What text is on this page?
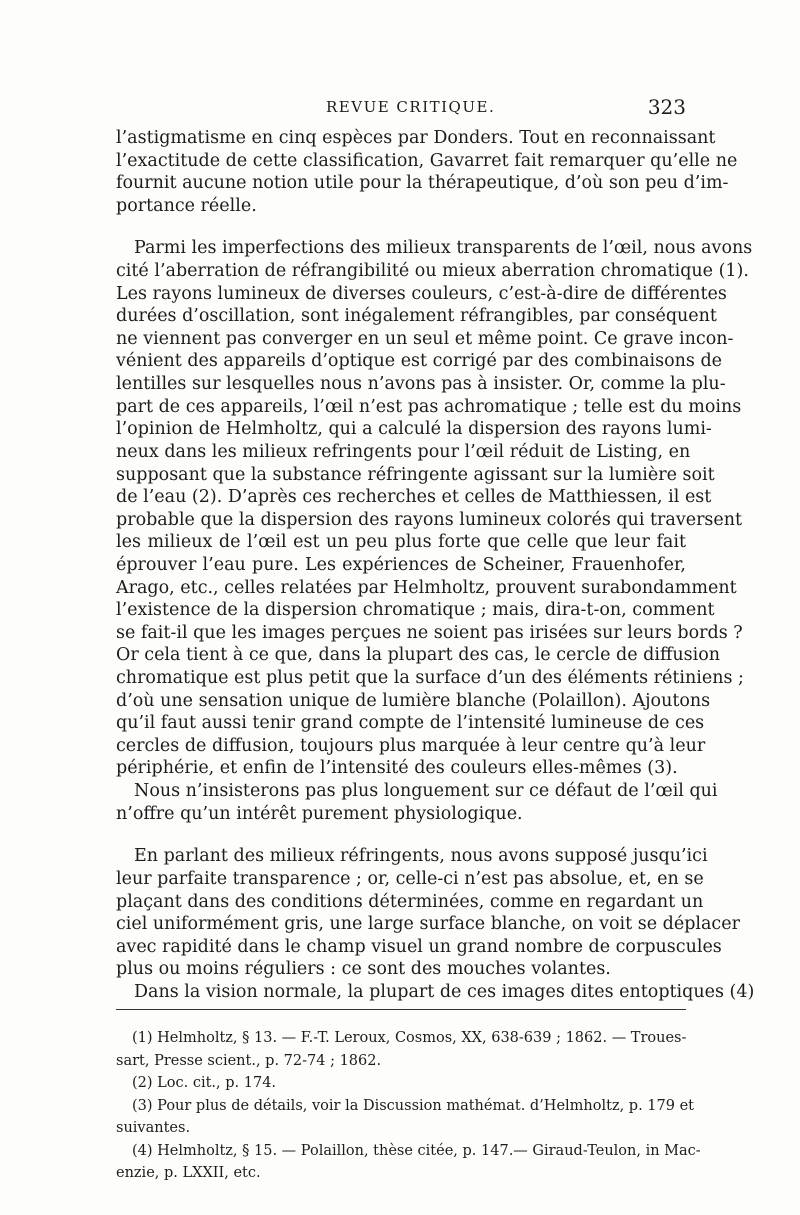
REVUE CRITIQUE.	323
l’astigmatisme en cinq espèces par Donders. Tout en reconnaissant
l’exactitude de cette classification, Gavarret fait remarquer qu’elle ne
fournit aucune notion utile pour la thérapeutique, d’où son peu d’im-
portance réelle.
Parmi les imperfections des milieux transparents de l’œil, nous avons
cité l’aberration de réfrangibilité ou mieux aberration chromatique (1).
Les rayons lumineux de diverses couleurs, c’est-à-dire de différentes
durées d’oscillation, sont inégalement réfrangibles, par conséquent
ne viennent pas converger en un seul et même point. Ce grave incon-
vénient des appareils d’optique est corrigé par des combinaisons de
lentilles sur lesquelles nous n’avons pas à insister. Or, comme la plu-
part de ces appareils, l’œil n’est pas achromatique ; telle est du moins
l’opinion de Helmholtz, qui a calculé la dispersion des rayons lumi-
neux dans les milieux refringents pour l’œil réduit de Listing, en
supposant que la substance réfringente agissant sur la lumière soit
de l’eau (2). D’après ces recherches et celles de Matthiessen, il est
probable que la dispersion des rayons lumineux colorés qui traversent
les milieux de l’œil est un peu plus forte que celle que leur fait
éprouver l’eau pure. Les expériences de Scheiner, Frauenhofer,
Arago, etc., celles relatées par Helmholtz, prouvent surabondamment
l’existence de la dispersion chromatique ; mais, dira-t-on, comment
se fait-il que les images perçues ne soient pas irisées sur leurs bords ?
Or cela tient à ce que, dans la plupart des cas, le cercle de diffusion
chromatique est plus petit que la surface d’un des éléments rétiniens ;
d’où une sensation unique de lumière blanche (Polaillon). Ajoutons
qu’il faut aussi tenir grand compte de l’intensité lumineuse de ces
cercles de diffusion, toujours plus marquée à leur centre qu’à leur
périphérie, et enfin de l’intensité des couleurs elles-mêmes (3).
Nous n’insisterons pas plus longuement sur ce défaut de l’œil qui
n’offre qu’un intérêt purement physiologique.
En parlant des milieux réfringents, nous avons supposé jusqu’ici
leur parfaite transparence ; or, celle-ci n’est pas absolue, et, en se
plaçant dans des conditions déterminées, comme en regardant un
ciel uniformément gris, une large surface blanche, on voit se déplacer
avec rapidité dans le champ visuel un grand nombre de corpuscules
plus ou moins réguliers : ce sont des mouches volantes.
Dans la vision normale, la plupart de ces images dites entoptiques (4)
(1) Helmholtz, § 13. — F.-T. Leroux, Cosmos, XX, 638-639 ; 1862. — Troues-
sart, Presse scient., p. 72-74 ; 1862.
(2) Loc. cit., p. 174.
(3) Pour plus de détails, voir la Discussion mathémat. d’Helmholtz, p. 179 et
suivantes.
(4) Helmholtz, § 15. — Polaillon, thèse citée, p. 147.— Giraud-Teulon, in Mac-
enzie, p. LXXII, etc.
